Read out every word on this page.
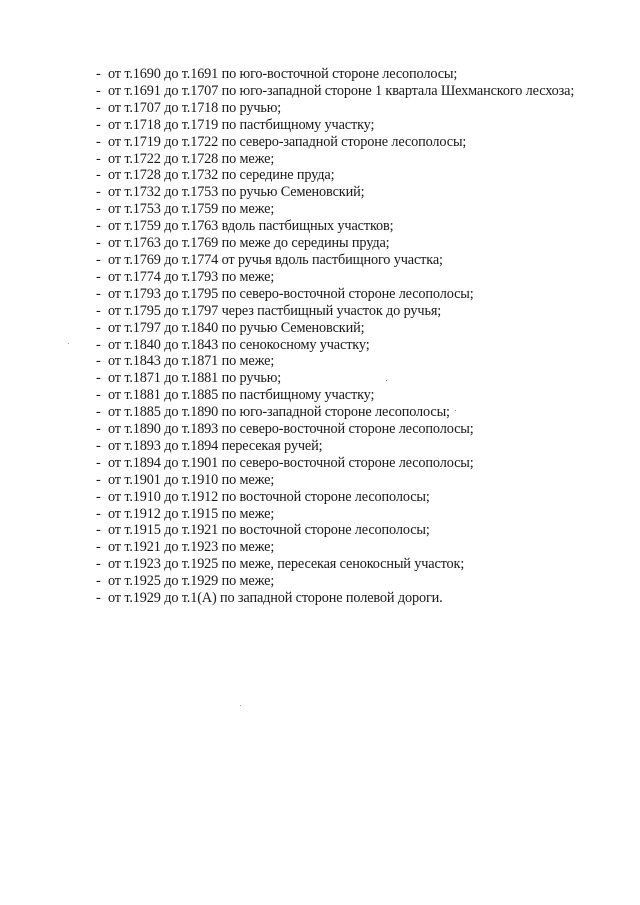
- от т.1690 до т.1691 по юго-восточной стороне лесополосы;
- от т.1691 до т.1707 по юго-западной стороне 1 квартала Шехманского лесхоза;
- от т.1707 до т.1718 по ручью;
- от т.1718 до т.1719 по пастбищному участку;
- от т.1719 до т.1722 по северо-западной стороне лесополосы;
- от т.1722 до т.1728 по меже;
- от т.1728 до т.1732 по середине пруда;
- от т.1732 до т.1753 по ручью Семеновский;
- от т.1753 до т.1759 по меже;
- от т.1759 до т.1763 вдоль пастбищных участков;
- от т.1763 до т.1769 по меже до середины пруда;
- от т.1769 до т.1774 от ручья вдоль пастбищного участка;
- от т.1774 до т.1793 по меже;
- от т.1793 до т.1795 по северо-восточной стороне лесополосы;
- от т.1795 до т.1797 через пастбищный участок до ручья;
- от т.1797 до т.1840 по ручью Семеновский;
- от т.1840 до т.1843 по сенокосному участку;
- от т.1843 до т.1871 по меже;
- от т.1871 до т.1881 по ручью;
- от т.1881 до т.1885 по пастбищному участку;
- от т.1885 до т.1890 по юго-западной стороне лесополосы;
- от т.1890 до т.1893 по северо-восточной стороне лесополосы;
- от т.1893 до т.1894 пересекая ручей;
- от т.1894 до т.1901 по северо-восточной стороне лесополосы;
- от т.1901 до т.1910 по меже;
- от т.1910 до т.1912 по восточной стороне лесополосы;
- от т.1912 до т.1915 по меже;
- от т.1915 до т.1921 по восточной стороне лесополосы;
- от т.1921 до т.1923 по меже;
- от т.1923 до т.1925 по меже, пересекая сенокосный участок;
- от т.1925 до т.1929 по меже;
- от т.1929 до т.1(А) по западной стороне полевой дороги.
